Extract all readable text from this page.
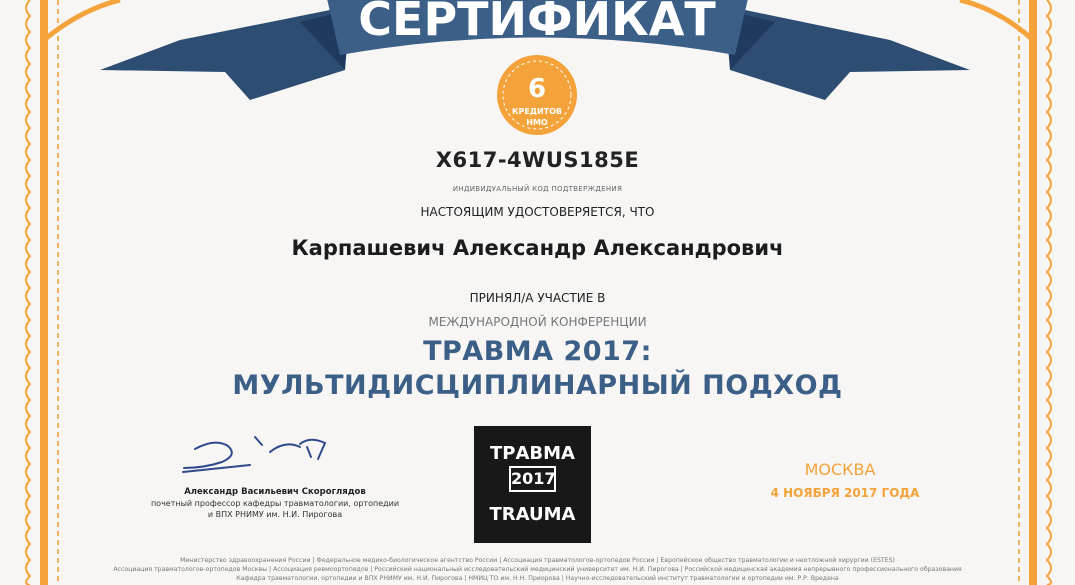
СЕРТИФИКАТ
6
КРЕДИТОВ
НМО
X617-4WUS185E
ИНДИВИДУАЛЬНЫЙ КОД ПОДТВЕРЖДЕНИЯ
НАСТОЯЩИМ УДОСТОВЕРЯЕТСЯ, ЧТО
Карпашевич Александр Александрович
ПРИНЯЛ/А УЧАСТИЕ В
МЕЖДУНАРОДНОЙ КОНФЕРЕНЦИИ
ТРАВМА 2017:
МУЛЬТИДИСЦИПЛИНАРНЫЙ ПОДХОД
Александр Васильевич Скороглядов
почетный профессор кафедры травматологии, ортопедии
и ВПХ РНИМУ им. Н.И. Пирогова
ТРАВМА
2017
TRAUMA
МОСКВА
4 НОЯБРЯ 2017 ГОДА
Министерство здравоохранения России | Федеральное медико-биологическое агентство России | Ассоциация травматологов-ортопедов России | Европейское общество травматологии и неотложной хирургии (ESTES)
Ассоциация травматологов-ортопедов Москвы | Ассоциация ревмоортопедов | Российский национальный исследовательский медицинский университет им. Н.И. Пирогова | Российской медицинская академия непрерывного профессионального образования
Кафедра травматологии, ортопедии и ВПХ РНИМУ им. Н.И. Пирогова | НМИЦ ТО им. Н.Н. Приорова | Научно-исследовательский институт травматологии и ортопедии им. Р.Р. Вредена
